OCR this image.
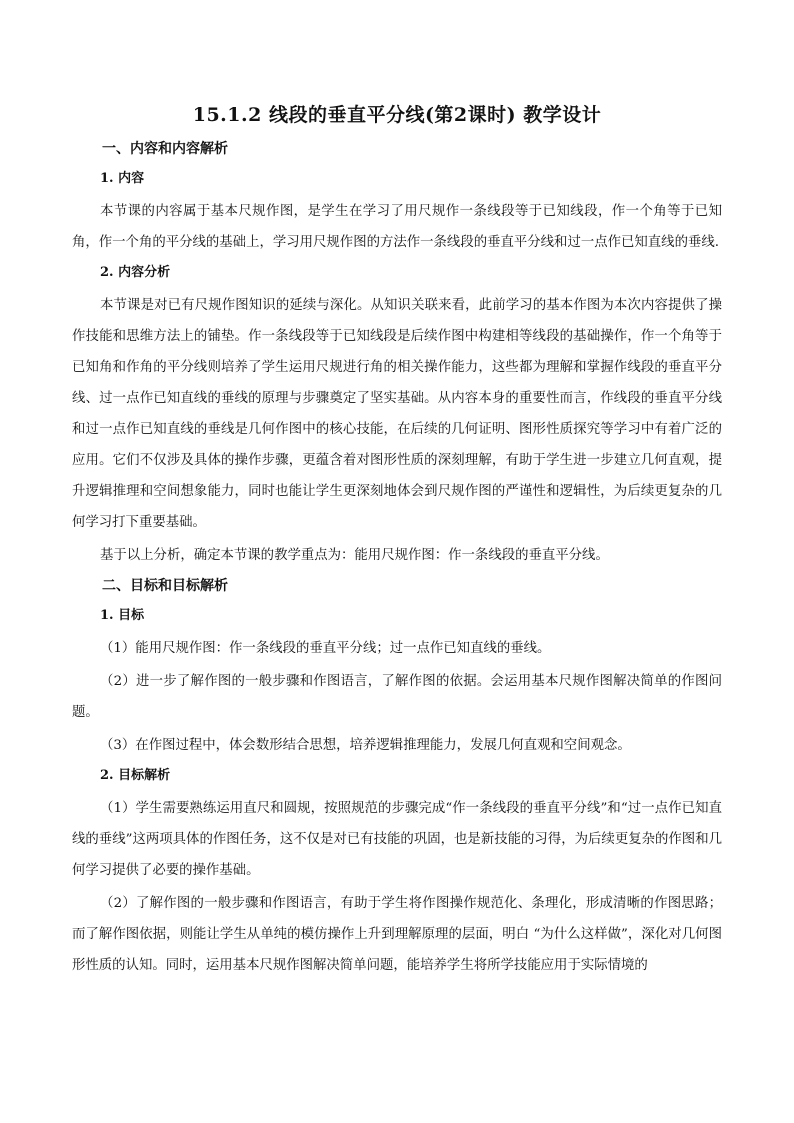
15.1.2 线段的垂直平分线(第2课时) 教学设计
一、内容和内容解析
1. 内容

本节课的内容属于基本尺规作图，是学生在学习了用尺规作一条线段等于已知线段，作一个角等于已知角，作一个角的平分线的基础上，学习用尺规作图的方法作一条线段的垂直平分线和过一点作已知直线的垂线.

2. 内容分析

本节课是对已有尺规作图知识的延续与深化。从知识关联来看，此前学习的基本作图为本次内容提供了操作技能和思维方法上的铺垫。作一条线段等于已知线段是后续作图中构建相等线段的基础操作，作一个角等于已知角和作角的平分线则培养了学生运用尺规进行角的相关操作能力，这些都为理解和掌握作线段的垂直平分线、过一点作已知直线的垂线的原理与步骤奠定了坚实基础。从内容本身的重要性而言，作线段的垂直平分线和过一点作已知直线的垂线是几何作图中的核心技能，在后续的几何证明、图形性质探究等学习中有着广泛的应用。它们不仅涉及具体的操作步骤，更蕴含着对图形性质的深刻理解，有助于学生进一步建立几何直观，提升逻辑推理和空间想象能力，同时也能让学生更深刻地体会到尺规作图的严谨性和逻辑性，为后续更复杂的几何学习打下重要基础。

基于以上分析，确定本节课的教学重点为：能用尺规作图：作一条线段的垂直平分线。

二、目标和目标解析
1. 目标

（1）能用尺规作图：作一条线段的垂直平分线；过一点作已知直线的垂线。

（2）进一步了解作图的一般步骤和作图语言，了解作图的依据。会运用基本尺规作图解决简单的作图问题。

（3）在作图过程中，体会数形结合思想，培养逻辑推理能力，发展几何直观和空间观念。

2. 目标解析

（1）学生需要熟练运用直尺和圆规，按照规范的步骤完成“作一条线段的垂直平分线”和“过一点作已知直线的垂线”这两项具体的作图任务，这不仅是对已有技能的巩固，也是新技能的习得，为后续更复杂的作图和几何学习提供了必要的操作基础。

（2）了解作图的一般步骤和作图语言，有助于学生将作图操作规范化、条理化，形成清晰的作图思路；而了解作图依据，则能让学生从单纯的模仿操作上升到理解原理的层面，明白 “为什么这样做”，深化对几何图形性质的认知。同时，运用基本尺规作图解决简单问题，能培养学生将所学技能应用于实际情境的
